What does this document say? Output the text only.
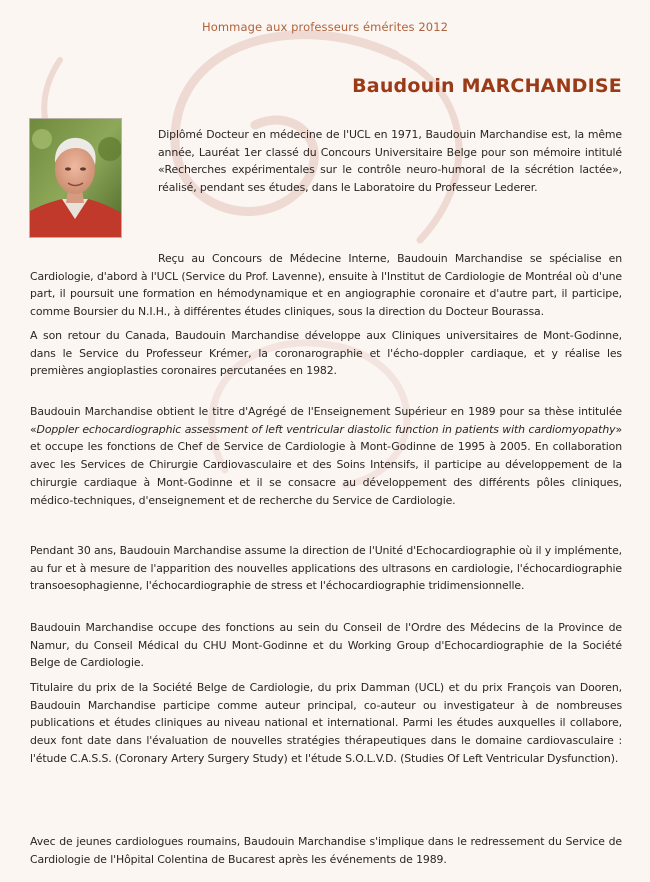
Hommage aux professeurs émérites 2012
Baudouin MARCHANDISE
Diplômé Docteur en médecine de l'UCL en 1971, Baudouin Marchandise est, la même année, Lauréat 1er classé du Concours Universitaire Belge pour son mémoire intitulé «Recherches expérimentales sur le contrôle neuro-humoral de la sécrétion lactée», réalisé, pendant ses études, dans le Laboratoire du Professeur Lederer.
Reçu au Concours de Médecine Interne, Baudouin Marchandise se spécialise en Cardiologie, d'abord à l'UCL (Service du Prof. Lavenne), ensuite à l'Institut de Cardiologie de Montréal où d'une part, il poursuit une formation en hémodynamique et en angiographie coronaire et d'autre part, il participe, comme Boursier du N.I.H., à différentes études cliniques, sous la direction du Docteur Bourassa.
A son retour du Canada, Baudouin Marchandise développe aux Cliniques universitaires de Mont-Godinne, dans le Service du Professeur Krémer, la coronarographie et l'écho-doppler cardiaque, et y réalise les premières angioplasties coronaires percutanées en 1982.
Baudouin Marchandise obtient le titre d'Agrégé de l'Enseignement Supérieur en 1989 pour sa thèse intitulée «Doppler echocardiographic assessment of left ventricular diastolic function in patients with cardiomyopathy» et occupe les fonctions de Chef de Service de Cardiologie à Mont-Godinne de 1995 à 2005. En collaboration avec les Services de Chirurgie Cardiovasculaire et des Soins Intensifs, il participe au développement de la chirurgie cardiaque à Mont-Godinne et il se consacre au développement des différents pôles cliniques, médico-techniques, d'enseignement et de recherche du Service de Cardiologie.
Pendant 30 ans, Baudouin Marchandise assume la direction de l'Unité d'Echocardiographie où il y implémente, au fur et à mesure de l'apparition des nouvelles applications des ultrasons en cardiologie, l'échocardiographie transoesophagienne, l'échocardiographie de stress et l'échocardiographie tridimensionnelle.
Baudouin Marchandise occupe des fonctions au sein du Conseil de l'Ordre des Médecins de la Province de Namur, du Conseil Médical du CHU Mont-Godinne et du Working Group d'Echocardiographie de la Société Belge de Cardiologie.
Titulaire du prix de la Société Belge de Cardiologie, du prix Damman (UCL) et du prix François van Dooren, Baudouin Marchandise participe comme auteur principal, co-auteur ou investigateur à de nombreuses publications et études cliniques au niveau national et international. Parmi les études auxquelles il collabore, deux font date dans l'évaluation de nouvelles stratégies thérapeutiques dans le domaine cardiovasculaire : l'étude C.A.S.S. (Coronary Artery Surgery Study) et l'étude S.O.L.V.D. (Studies Of Left Ventricular Dysfunction).
Avec de jeunes cardiologues roumains, Baudouin Marchandise s'implique dans le redressement du Service de Cardiologie de l'Hôpital Colentina de Bucarest après les événements de 1989.
